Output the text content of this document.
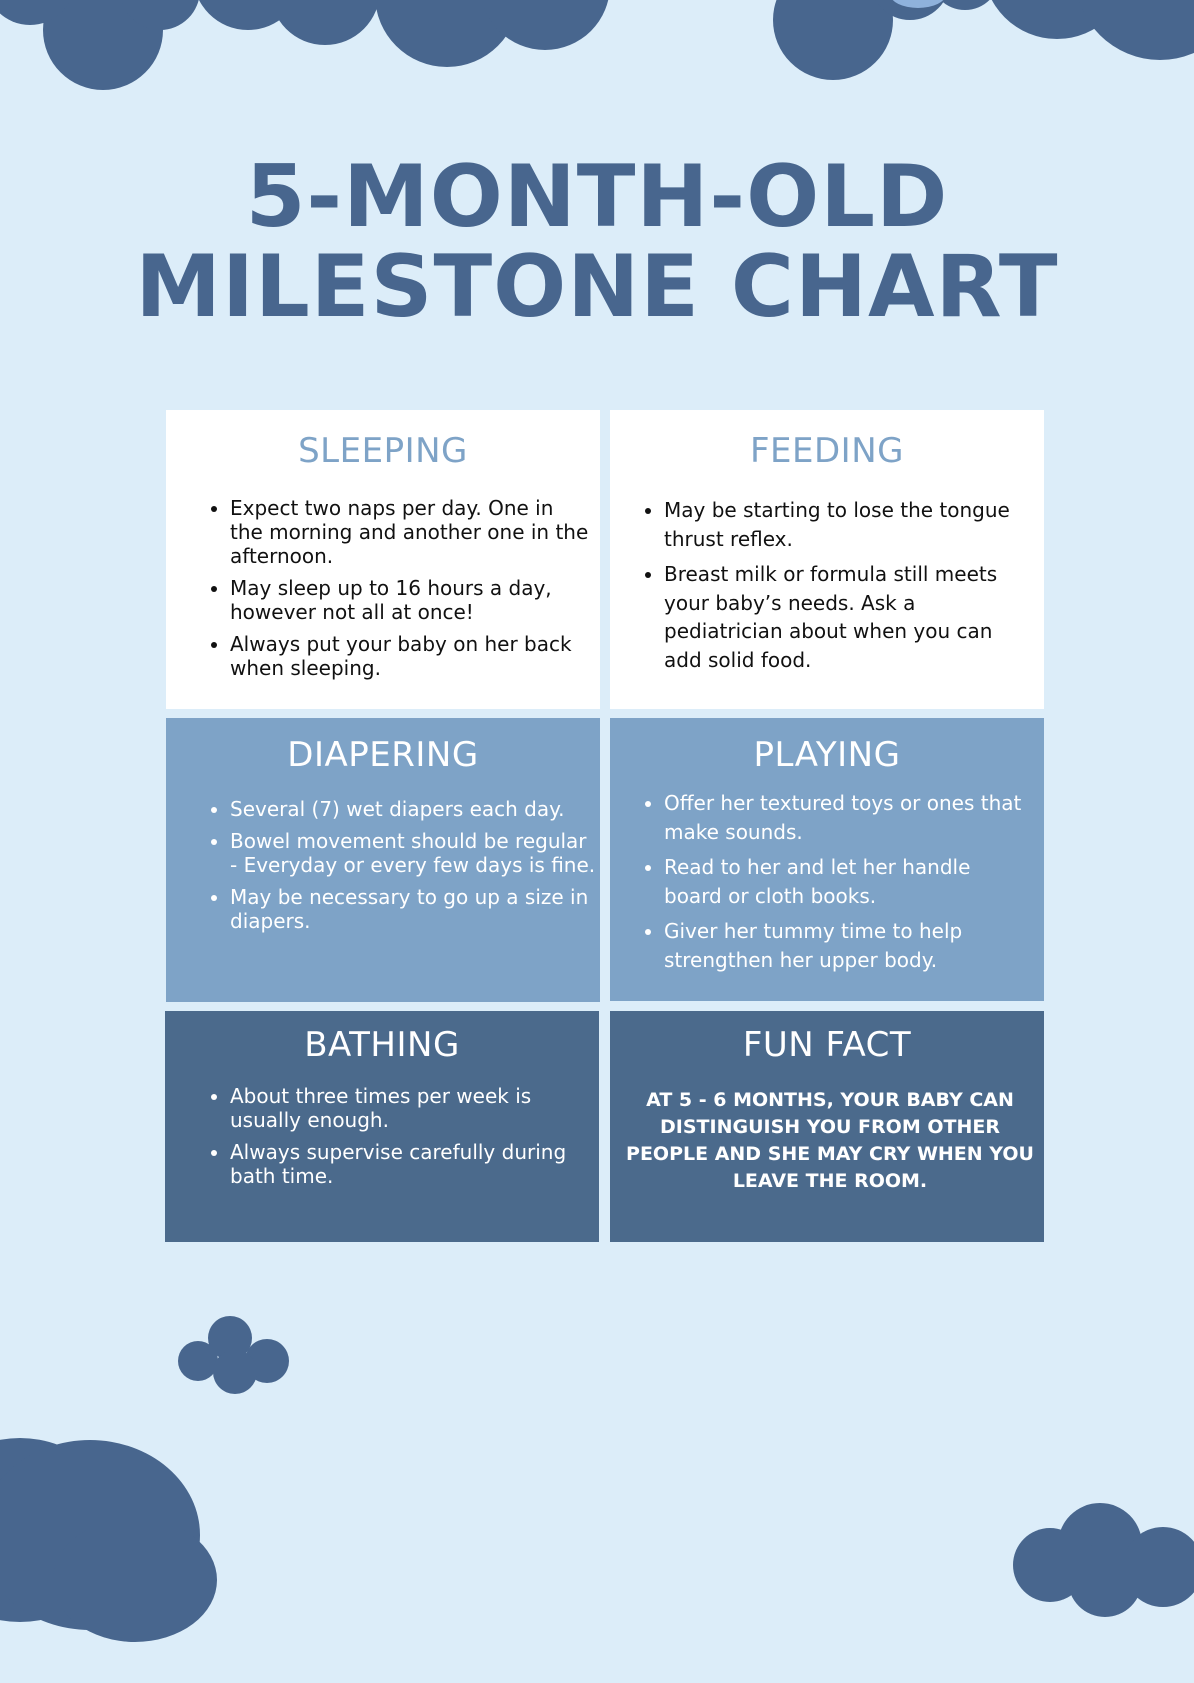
5-MONTH-OLD
MILESTONE CHART
SLEEPING
• Expect two naps per day. One in the morning and another one in the afternoon.
• May sleep up to 16 hours a day, however not all at once!
• Always put your baby on her back when sleeping.
FEEDING
• May be starting to lose the tongue thrust reflex.
• Breast milk or formula still meets your baby’s needs. Ask a pediatrician about when you can add solid food.
DIAPERING
• Several (7) wet diapers each day.
• Bowel movement should be regular - Everyday or every few days is fine.
• May be necessary to go up a size in diapers.
PLAYING
• Offer her textured toys or ones that make sounds.
• Read to her and let her handle board or cloth books.
• Giver her tummy time to help strengthen her upper body.
BATHING
• About three times per week is usually enough.
• Always supervise carefully during bath time.
FUN FACT

AT 5 - 6 MONTHS, YOUR BABY CAN DISTINGUISH YOU FROM OTHER PEOPLE AND SHE MAY CRY WHEN YOU LEAVE THE ROOM.
